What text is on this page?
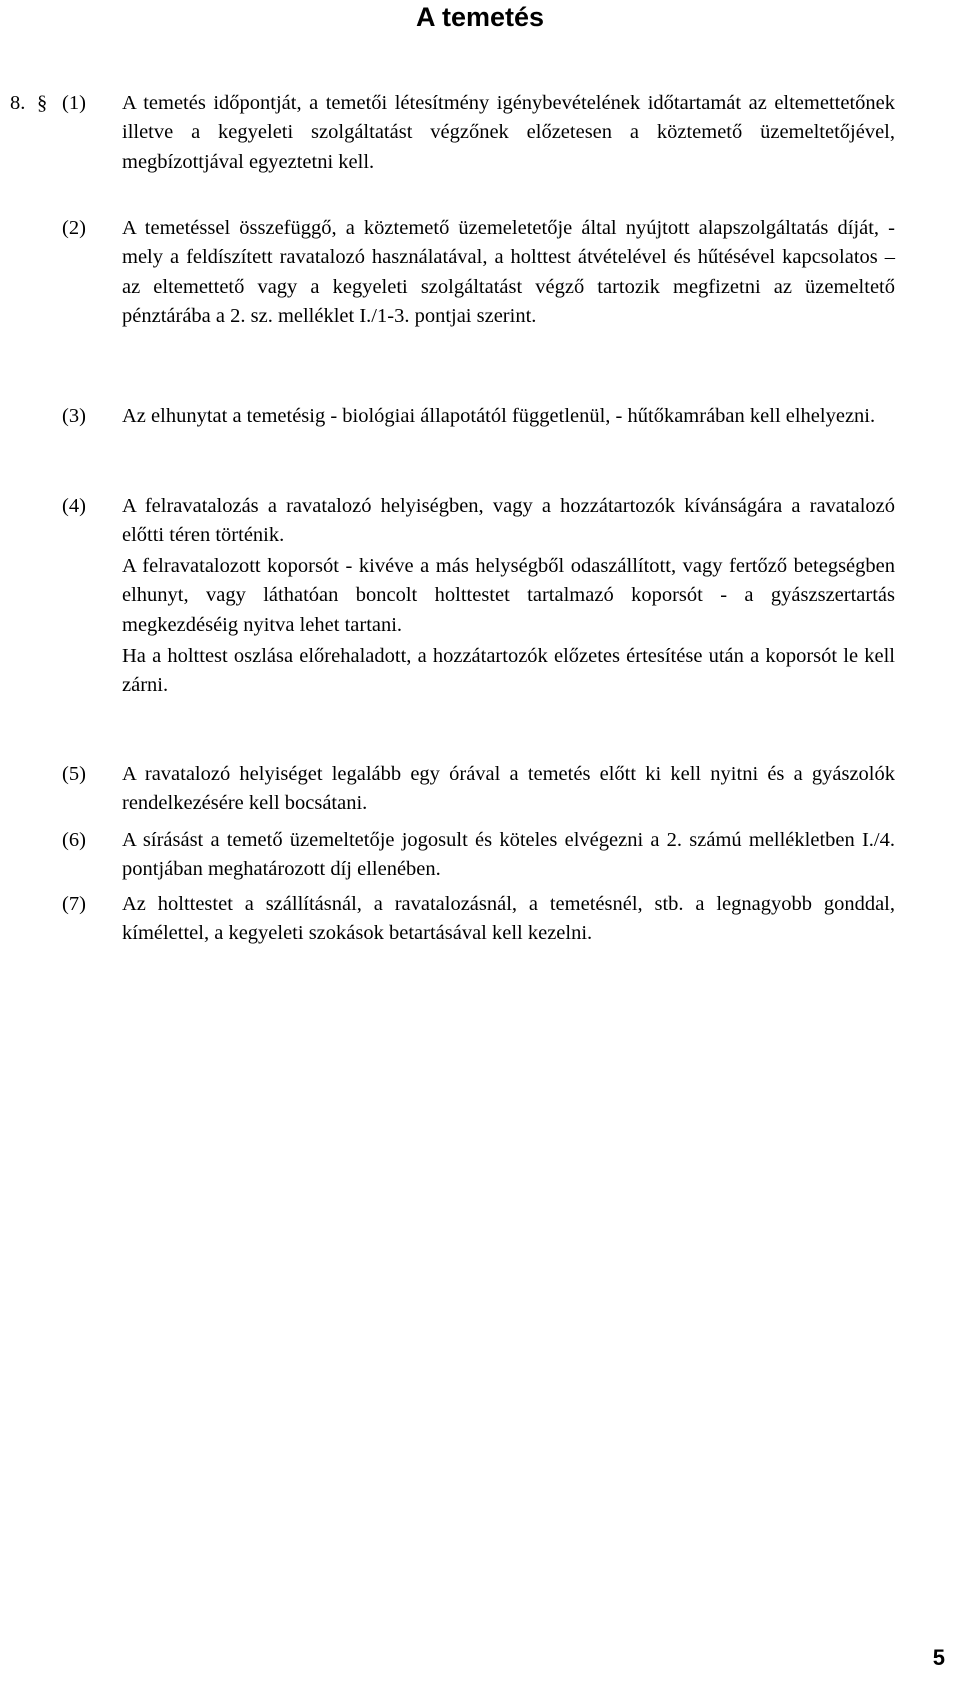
A temetés
8. § (1) A temetés időpontját, a temetői létesítmény igénybevételének időtartamát az eltemettetőnek illetve a kegyeleti szolgáltatást végzőnek előzetesen a köztemető üzemeltetőjével, megbízottjával egyeztetni kell.
(2) A temetéssel összefüggő, a köztemető üzemeletetője által nyújtott alapszolgáltatás díját, - mely a feldíszített ravatalozó használatával, a holttest átvételével és hűtésével kapcsolatos – az eltemettető vagy a kegyeleti szolgáltatást végző tartozik megfizetni az üzemeltető pénztárába a 2. sz. melléklet I./1-3. pontjai szerint.
(3) Az elhunytat a temetésig - biológiai állapotától függetlenül, - hűtőkamrában kell elhelyezni.
(4) A felravatalozás a ravatalozó helyiségben, vagy a hozzátartozók kívánságára a ravatalozó előtti téren történik.
A felravatalozott koporsót - kivéve a más helységből odaszállított, vagy fertőző betegségben elhunyt, vagy láthatóan boncolt holttestet tartalmazó koporsót - a gyászszertartás megkezdéséig nyitva lehet tartani.
Ha a holttest oszlása előrehaladott, a hozzátartozók előzetes értesítése után a koporsót le kell zárni.
(5) A ravatalozó helyiséget legalább egy órával a temetés előtt ki kell nyitni és a gyászolók rendelkezésére kell bocsátani.
(6) A sírásást a temető üzemeltetője jogosult és köteles elvégezni a 2. számú mellékletben I./4. pontjában meghatározott díj ellenében.
(7) Az holttestet a szállításnál, a ravatalozásnál, a temetésnél, stb. a legnagyobb gonddal, kímélettel, a kegyeleti szokások betartásával kell kezelni.
5
